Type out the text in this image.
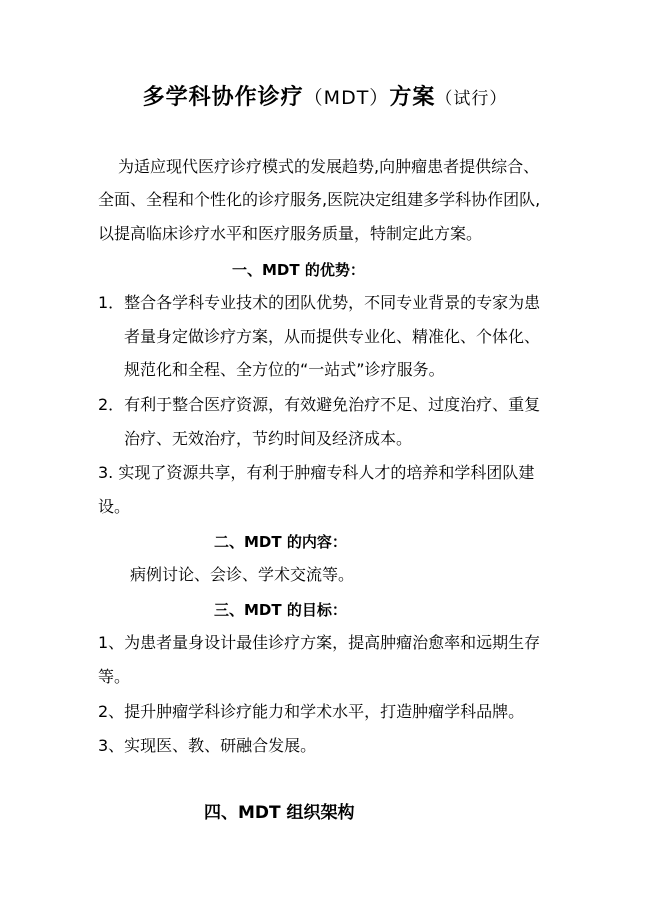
多学科协作诊疗（MDT）方案（试行）
为适应现代医疗诊疗模式的发展趋势,向肿瘤患者提供综合、
全面、全程和个性化的诊疗服务,医院决定组建多学科协作团队,
以提高临床诊疗水平和医疗服务质量，特制定此方案。
一、MDT 的优势：
1．整合各学科专业技术的团队优势，不同专业背景的专家为患
者量身定做诊疗方案，从而提供专业化、精准化、个体化、
规范化和全程、全方位的“一站式”诊疗服务。
2．有利于整合医疗资源，有效避免治疗不足、过度治疗、重复
治疗、无效治疗，节约时间及经济成本。
3. 实现了资源共享，有利于肿瘤专科人才的培养和学科团队建
设。
二、MDT 的内容：
病例讨论、会诊、学术交流等。
三、MDT 的目标：
1、为患者量身设计最佳诊疗方案，提高肿瘤治愈率和远期生存
等。
2、提升肿瘤学科诊疗能力和学术水平，打造肿瘤学科品牌。
3、实现医、教、研融合发展。
四、MDT 组织架构
